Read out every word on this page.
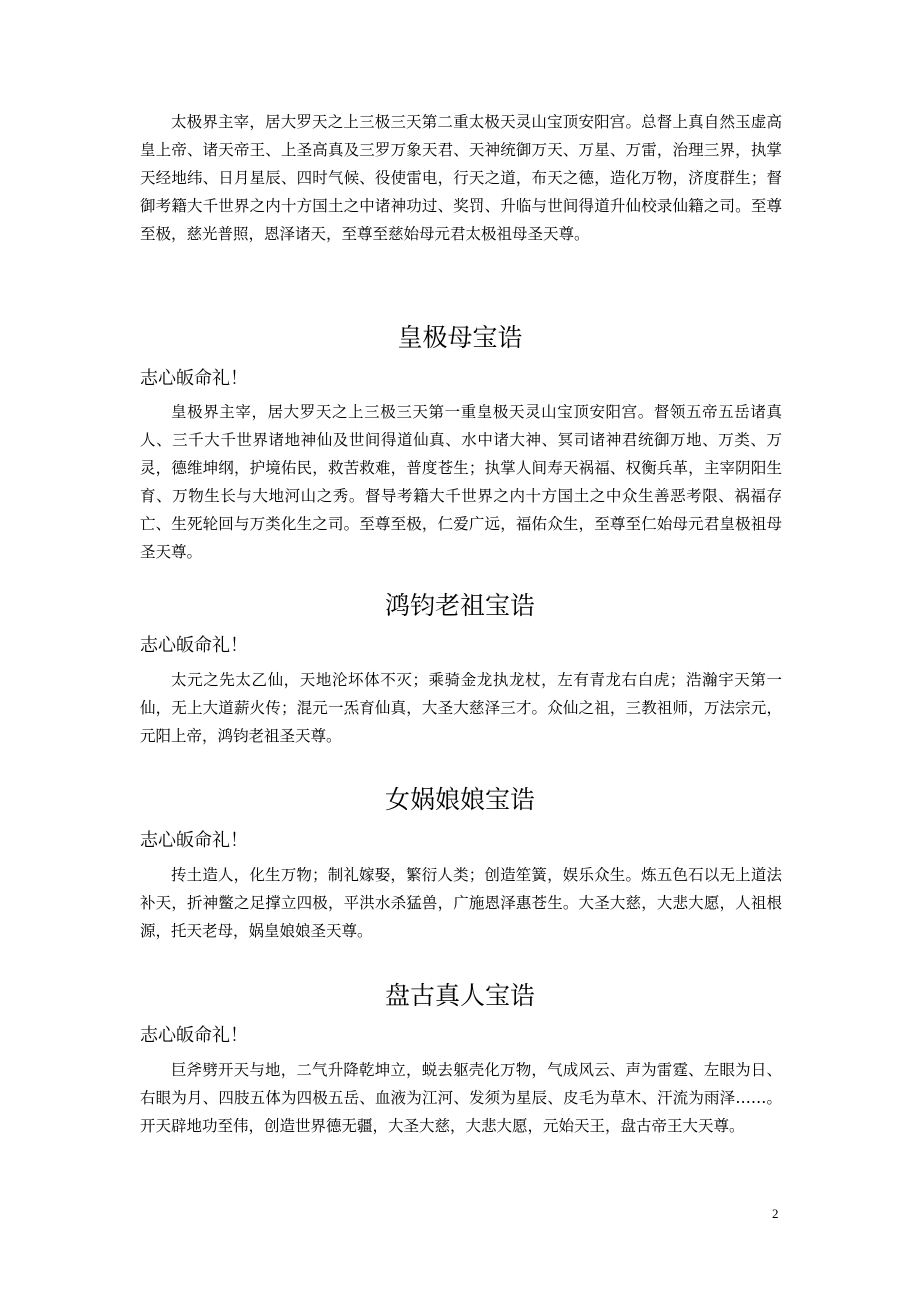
太极界主宰，居大罗天之上三极三天第二重太极天灵山宝顶安阳宫。总督上真自然玉虚高皇上帝、诸天帝王、上圣高真及三罗万象天君、天神统御万天、万星、万雷，治理三界，执掌天经地纬、日月星辰、四时气候、役使雷电，行天之道，布天之德，造化万物，济度群生；督御考籍大千世界之内十方国土之中诸神功过、奖罚、升临与世间得道升仙校录仙籍之司。至尊至极，慈光普照，恩泽诸天，至尊至慈始母元君太极祖母圣天尊。

皇极母宝诰

志心皈命礼！

皇极界主宰，居大罗天之上三极三天第一重皇极天灵山宝顶安阳宫。督领五帝五岳诸真人、三千大千世界诸地神仙及世间得道仙真、水中诸大神、冥司诸神君统御万地、万类、万灵，德维坤纲，护境佑民，救苦救难，普度苍生；执掌人间寿天祸福、权衡兵革，主宰阴阳生育、万物生长与大地河山之秀。督导考籍大千世界之内十方国土之中众生善恶考限、祸福存亡、生死轮回与万类化生之司。至尊至极，仁爱广远，福佑众生，至尊至仁始母元君皇极祖母圣天尊。

鸿钧老祖宝诰

志心皈命礼！

太元之先太乙仙，天地沦坏体不灭；乘骑金龙执龙杖，左有青龙右白虎；浩瀚宇天第一仙，无上大道薪火传；混元一炁育仙真，大圣大慈泽三才。众仙之祖，三教祖师，万法宗元，元阳上帝，鸿钧老祖圣天尊。

女娲娘娘宝诰

志心皈命礼！

抟土造人，化生万物；制礼嫁娶，繁衍人类；创造笙簧，娱乐众生。炼五色石以无上道法补天，折神鳖之足撑立四极，平洪水杀猛兽，广施恩泽惠苍生。大圣大慈，大悲大愿，人祖根源，托天老母，娲皇娘娘圣天尊。

盘古真人宝诰

志心皈命礼！

巨斧劈开天与地，二气升降乾坤立，蜕去躯壳化万物，气成风云、声为雷霆、左眼为日、右眼为月、四肢五体为四极五岳、血液为江河、发须为星辰、皮毛为草木、汗流为雨泽……。开天辟地功至伟，创造世界德无疆，大圣大慈，大悲大愿，元始天王，盘古帝王大天尊。

2
